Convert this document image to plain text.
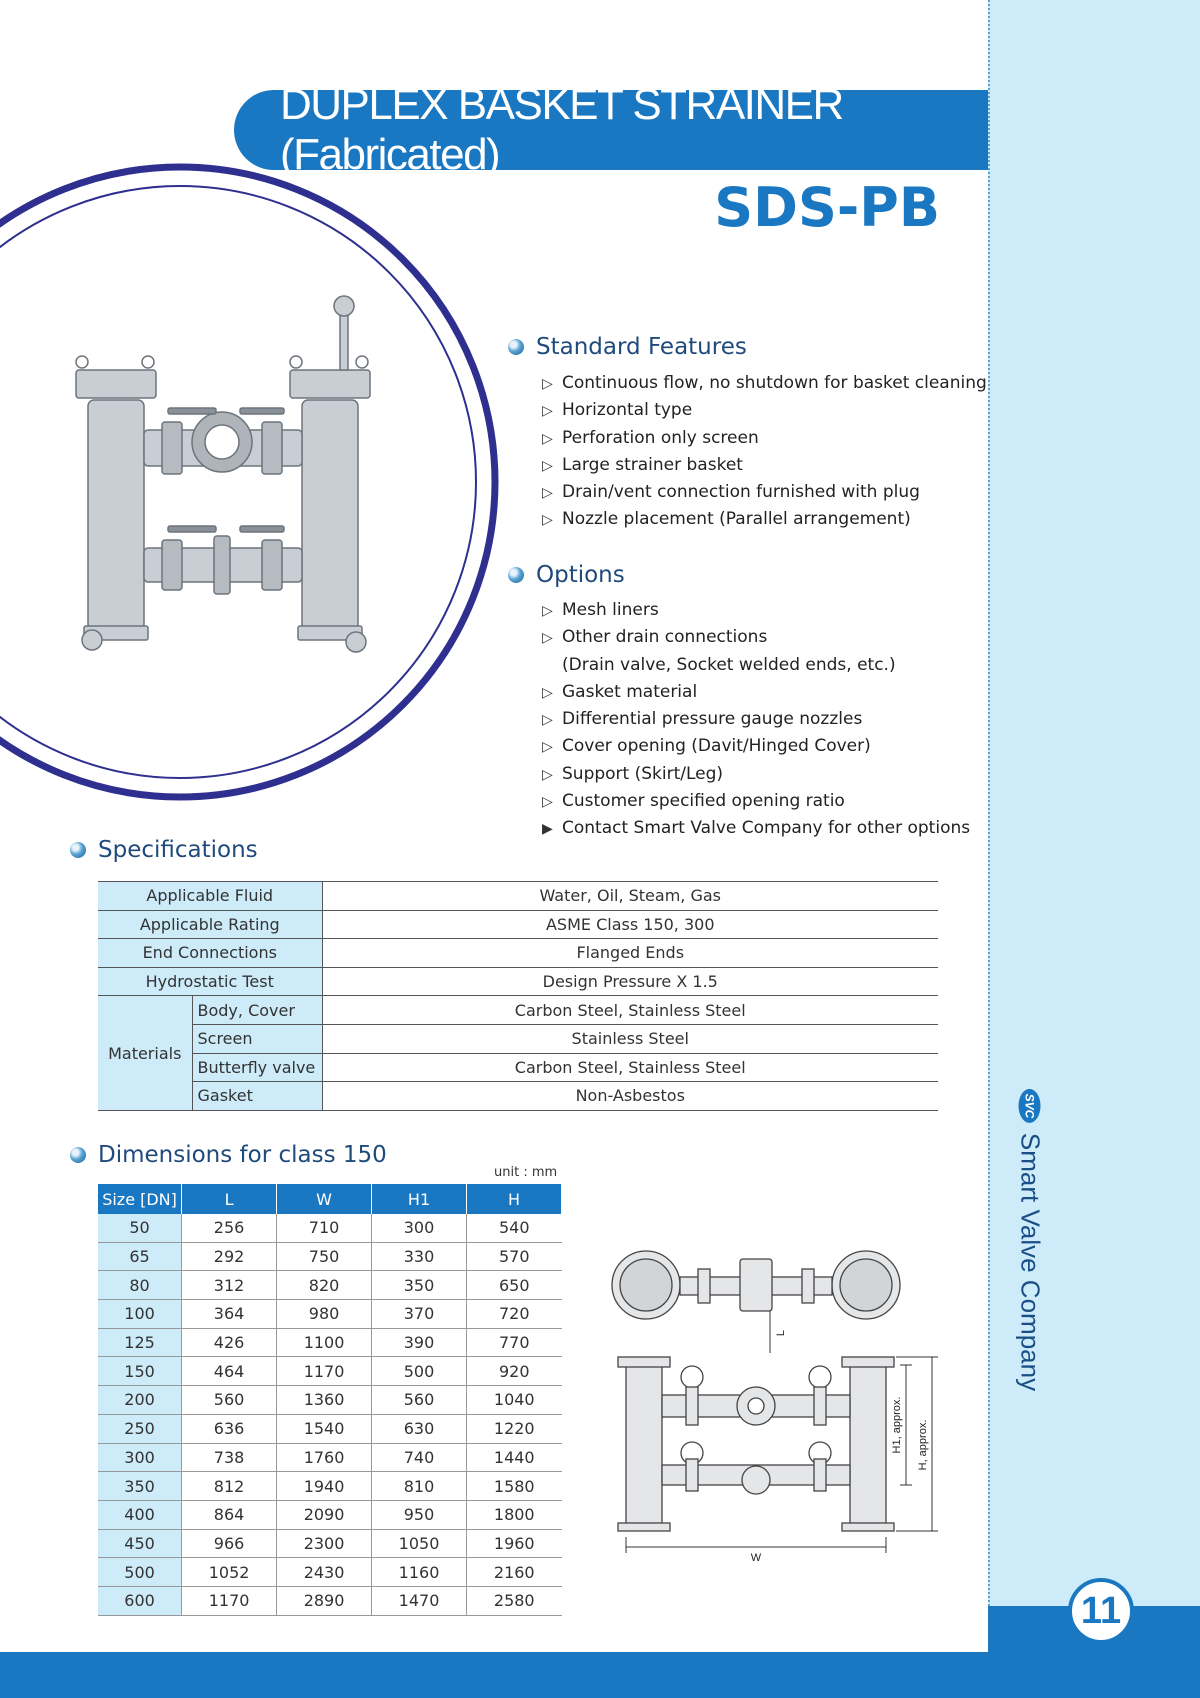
DUPLEX BASKET STRAINER (Fabricated)
SDS-PB
Standard Features
▷ Continuous flow, no shutdown for basket cleaning
▷ Horizontal type
▷ Perforation only screen
▷ Large strainer basket
▷ Drain/vent connection furnished with plug
▷ Nozzle placement (Parallel arrangement)
Options
▷ Mesh liners
▷ Other drain connections
(Drain valve, Socket welded ends, etc.)
▷ Gasket material
▷ Differential pressure gauge nozzles
▷ Cover opening (Davit/Hinged Cover)
▷ Support (Skirt/Leg)
▷ Customer specified opening ratio
▶ Contact Smart Valve Company for other options
Specifications
Applicable Fluid		Water, Oil, Steam, Gas
Applicable Rating		ASME Class 150, 300
End Connections		Flanged Ends
Hydrostatic Test		Design Pressure X 1.5
Materials	Body, Cover	Carbon Steel, Stainless Steel
	Screen	Stainless Steel
	Butterfly valve	Carbon Steel, Stainless Steel
	Gasket	Non-Asbestos
Dimensions for class 150
unit : mm
Size [DN]	L	W	H1	H
50	256	710	300	540
65	292	750	330	570
80	312	820	350	650
100	364	980	370	720
125	426	1100	390	770
150	464	1170	500	920
200	560	1360	560	1040
250	636	1540	630	1220
300	738	1760	740	1440
350	812	1940	810	1580
400	864	2090	950	1800
450	966	2300	1050	1960
500	1052	2430	1160	2160
600	1170	2890	1470	2580
W
L
H1, approx. H, approx.
SVC
Smart Valve Company
11
